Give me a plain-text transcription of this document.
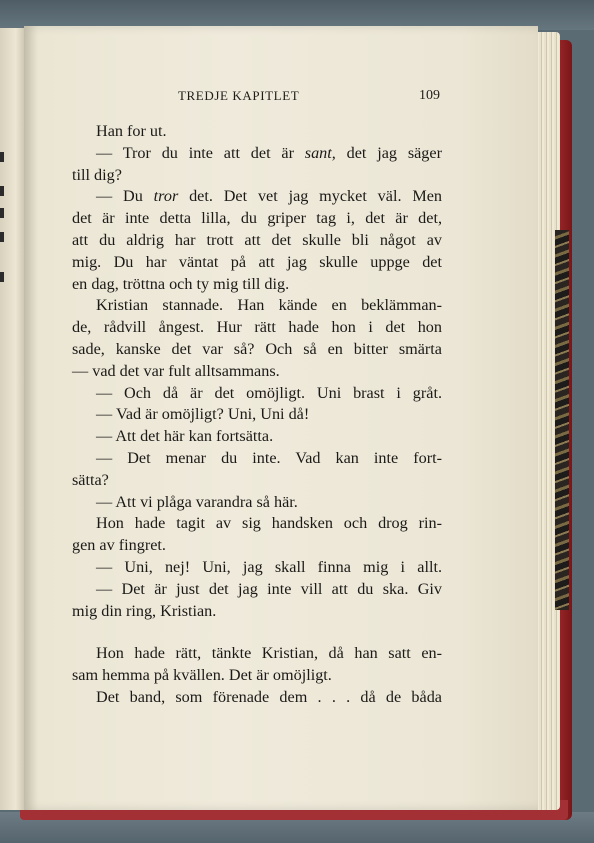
TREDJE KAPITLET	109
Han for ut.
— Tror du inte att det är sant, det jag säger
till dig?
— Du tror det. Det vet jag mycket väl. Men
det är inte detta lilla, du griper tag i, det är det,
att du aldrig har trott att det skulle bli något av
mig. Du har väntat på att jag skulle uppge det
en dag, tröttna och ty mig till dig.
Kristian stannade. Han kände en beklämman-
de, rådvill ångest. Hur rätt hade hon i det hon
sade, kanske det var så? Och så en bitter smärta
— vad det var fult alltsammans.
— Och då är det omöjligt. Uni brast i gråt.
— Vad är omöjligt? Uni, Uni då!
— Att det här kan fortsätta.
— Det menar du inte. Vad kan inte fort-
sätta?
— Att vi plåga varandra så här.
Hon hade tagit av sig handsken och drog rin-
gen av fingret.
— Uni, nej! Uni, jag skall finna mig i allt.
— Det är just det jag inte vill att du ska. Giv
mig din ring, Kristian.
Hon hade rätt, tänkte Kristian, då han satt en-
sam hemma på kvällen. Det är omöjligt.
Det band, som förenade dem . . . då de båda
